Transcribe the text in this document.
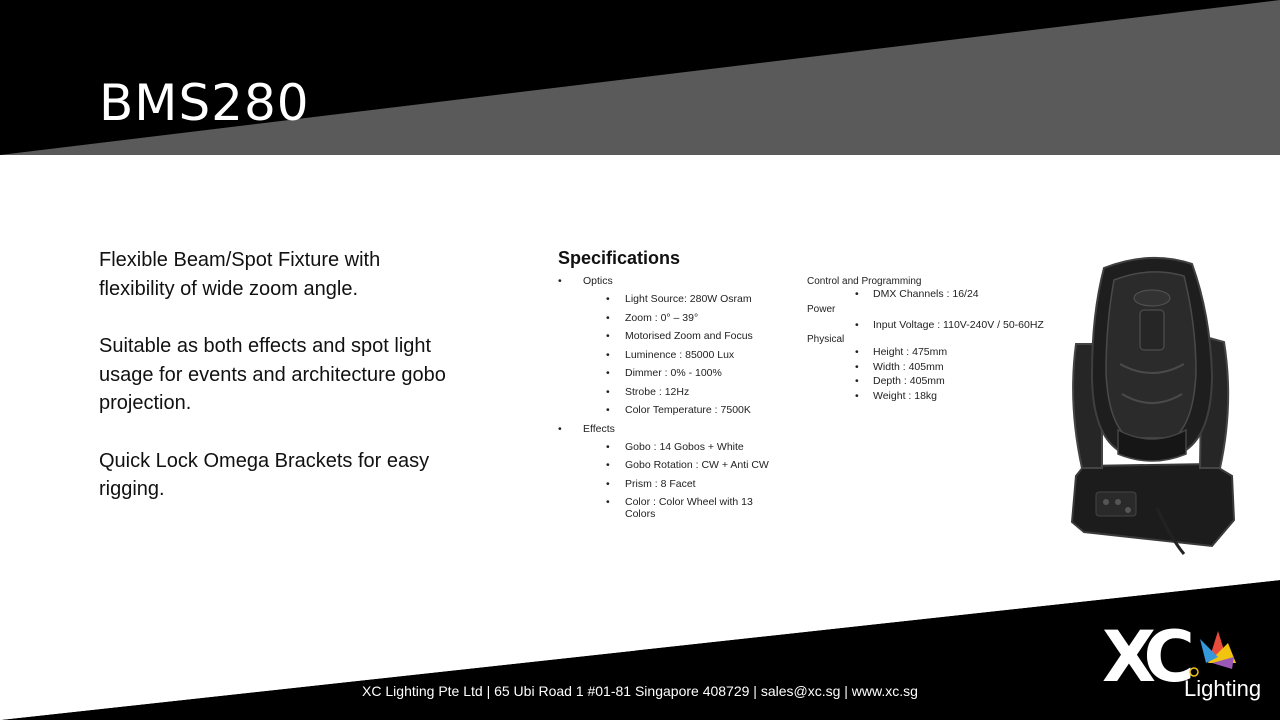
BMS280

Flexible Beam/Spot Fixture with flexibility of wide zoom angle.

Suitable as both effects and spot light usage for events and architecture gobo projection.

Quick Lock Omega Brackets for easy rigging.

Specifications
• Optics
• Light Source: 280W Osram
• Zoom : 0° – 39°
• Motorised Zoom and Focus
• Luminence : 85000 Lux
• Dimmer : 0% - 100%
• Strobe : 12Hz
• Color Temperature : 7500K
• Effects
• Gobo : 14 Gobos + White
• Gobo Rotation : CW + Anti CW
• Prism : 8 Facet
• Color : Color Wheel with 13 Colors
Control and Programming
• DMX Channels : 16/24
Power
• Input Voltage : 110V-240V / 50-60HZ
Physical
• Height : 475mm
• Width : 405mm
• Depth : 405mm
• Weight : 18kg
XC Lighting Pte Ltd | 65 Ubi Road 1 #01-81 Singapore 408729 | sales@xc.sg | www.xc.sg	XC Lighting
